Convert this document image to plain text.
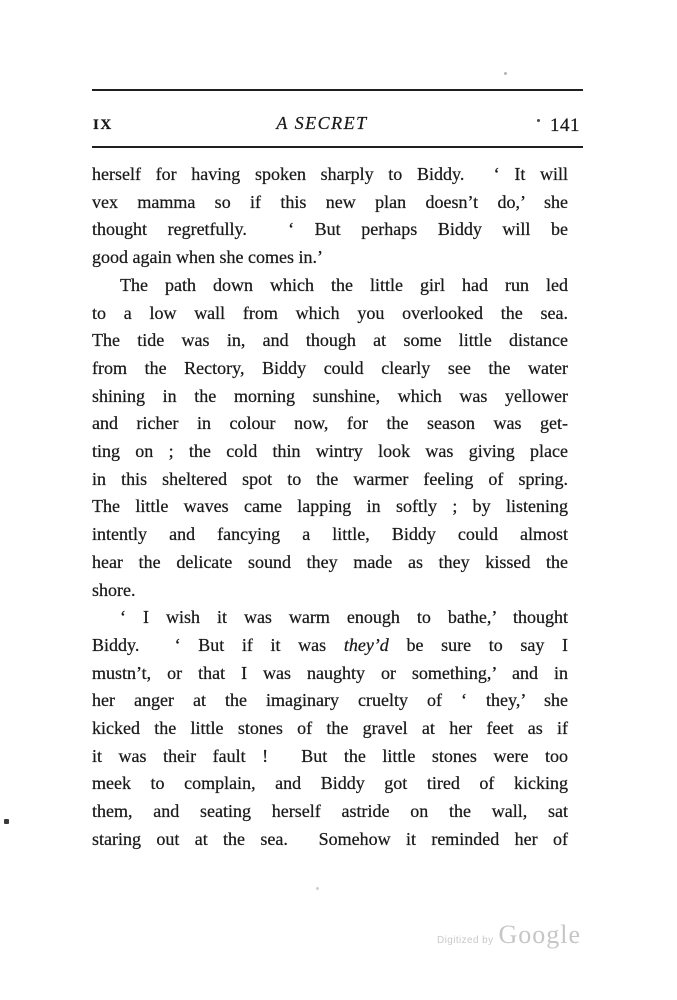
IX	A SECRET	141
herself for having spoken sharply to Biddy.  ‘ It will
vex mamma so if this new plan doesn’t do,’ she
thought regretfully.  ‘ But perhaps Biddy will be
good again when she comes in.’
The path down which the little girl had run led
to a low wall from which you overlooked the sea.
The tide was in, and though at some little distance
from the Rectory, Biddy could clearly see the water
shining in the morning sunshine, which was yellower
and richer in colour now, for the season was get-
ting on ; the cold thin wintry look was giving place
in this sheltered spot to the warmer feeling of spring.
The little waves came lapping in softly ; by listening
intently and fancying a little, Biddy could almost
hear the delicate sound they made as they kissed the
shore.
‘ I wish it was warm enough to bathe,’ thought
Biddy.  ‘ But if it was they’d be sure to say I
mustn’t, or that I was naughty or something,’ and in
her anger at the imaginary cruelty of ‘ they,’ she
kicked the little stones of the gravel at her feet as if
it was their fault !  But the little stones were too
meek to complain, and Biddy got tired of kicking
them, and seating herself astride on the wall, sat
staring out at the sea.  Somehow it reminded her of
Digitized by Google
